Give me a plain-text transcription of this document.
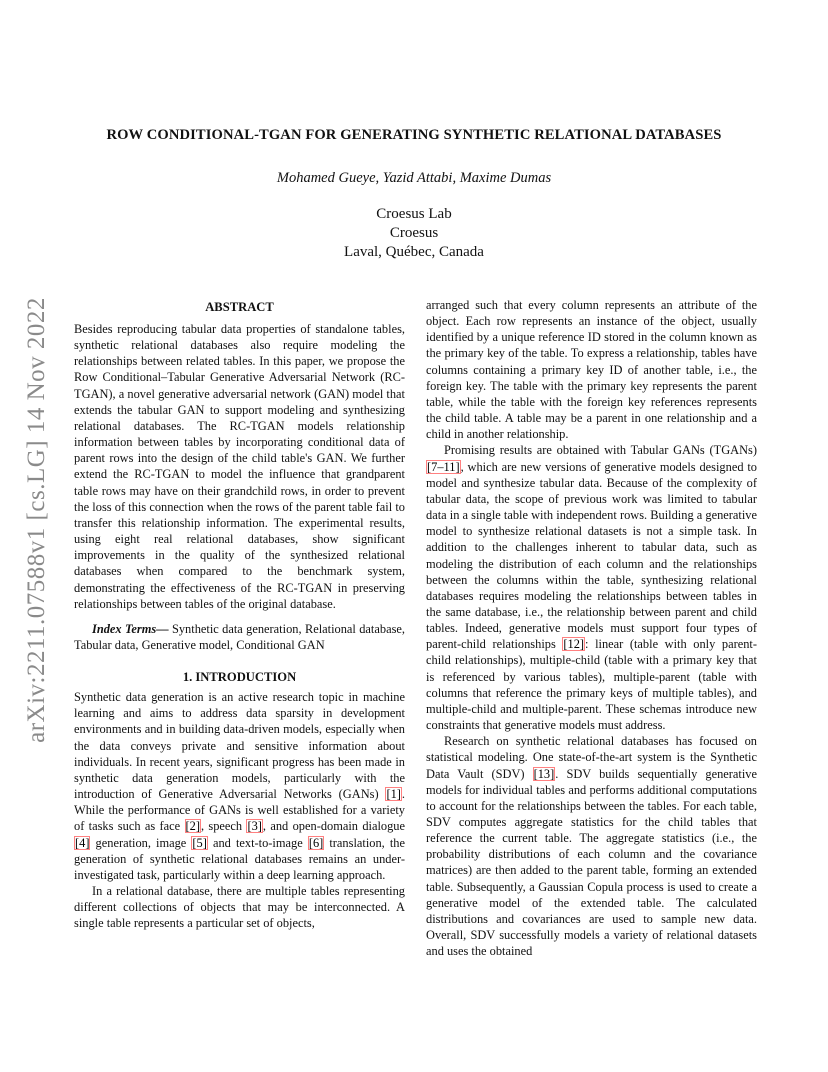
arXiv:2211.07588v1 [cs.LG] 14 Nov 2022
ROW CONDITIONAL-TGAN FOR GENERATING SYNTHETIC RELATIONAL DATABASES
Mohamed Gueye, Yazid Attabi, Maxime Dumas
Croesus Lab
Croesus
Laval, Québec, Canada
ABSTRACT

Besides reproducing tabular data properties of standalone tables, synthetic relational databases also require modeling the relationships between related tables. In this paper, we propose the Row Conditional–Tabular Generative Adversarial Network (RC-TGAN), a novel generative adversarial network (GAN) model that extends the tabular GAN to support modeling and synthesizing relational databases. The RC-TGAN models relationship information between tables by incorporating conditional data of parent rows into the design of the child table's GAN. We further extend the RC-TGAN to model the influence that grandparent table rows may have on their grandchild rows, in order to prevent the loss of this connection when the rows of the parent table fail to transfer this relationship information. The experimental results, using eight real relational databases, show significant improvements in the quality of the synthesized relational databases when compared to the benchmark system, demonstrating the effectiveness of the RC-TGAN in preserving relationships between tables of the original database.

Index Terms— Synthetic data generation, Relational database, Tabular data, Generative model, Conditional GAN

1. INTRODUCTION

Synthetic data generation is an active research topic in machine learning and aims to address data sparsity in development environments and in building data-driven models, especially when the data conveys private and sensitive information about individuals. In recent years, significant progress has been made in synthetic data generation models, particularly with the introduction of Generative Adversarial Networks (GANs) [1]. While the performance of GANs is well established for a variety of tasks such as face [2], speech [3], and open-domain dialogue [4] generation, image [5] and text-to-image [6] translation, the generation of synthetic relational databases remains an under-investigated task, particularly within a deep learning approach.

In a relational database, there are multiple tables representing different collections of objects that may be interconnected. A single table represents a particular set of objects,

arranged such that every column represents an attribute of the object. Each row represents an instance of the object, usually identified by a unique reference ID stored in the column known as the primary key of the table. To express a relationship, tables have columns containing a primary key ID of another table, i.e., the foreign key. The table with the primary key represents the parent table, while the table with the foreign key references represents the child table. A table may be a parent in one relationship and a child in another relationship.

Promising results are obtained with Tabular GANs (TGANs) [7–11], which are new versions of generative models designed to model and synthesize tabular data. Because of the complexity of tabular data, the scope of previous work was limited to tabular data in a single table with independent rows. Building a generative model to synthesize relational datasets is not a simple task. In addition to the challenges inherent to tabular data, such as modeling the distribution of each column and the relationships between the columns within the table, synthesizing relational databases requires modeling the relationships between tables in the same database, i.e., the relationship between parent and child tables. Indeed, generative models must support four types of parent-child relationships [12]: linear (table with only parent-child relationships), multiple-child (table with a primary key that is referenced by various tables), multiple-parent (table with columns that reference the primary keys of multiple tables), and multiple-child and multiple-parent. These schemas introduce new constraints that generative models must address.

Research on synthetic relational databases has focused on statistical modeling. One state-of-the-art system is the Synthetic Data Vault (SDV) [13]. SDV builds sequentially generative models for individual tables and performs additional computations to account for the relationships between the tables. For each table, SDV computes aggregate statistics for the child tables that reference the current table. The aggregate statistics (i.e., the probability distributions of each column and the covariance matrices) are then added to the parent table, forming an extended table. Subsequently, a Gaussian Copula process is used to create a generative model of the extended table. The calculated distributions and covariances are used to sample new data. Overall, SDV successfully models a variety of relational datasets and uses the obtained
